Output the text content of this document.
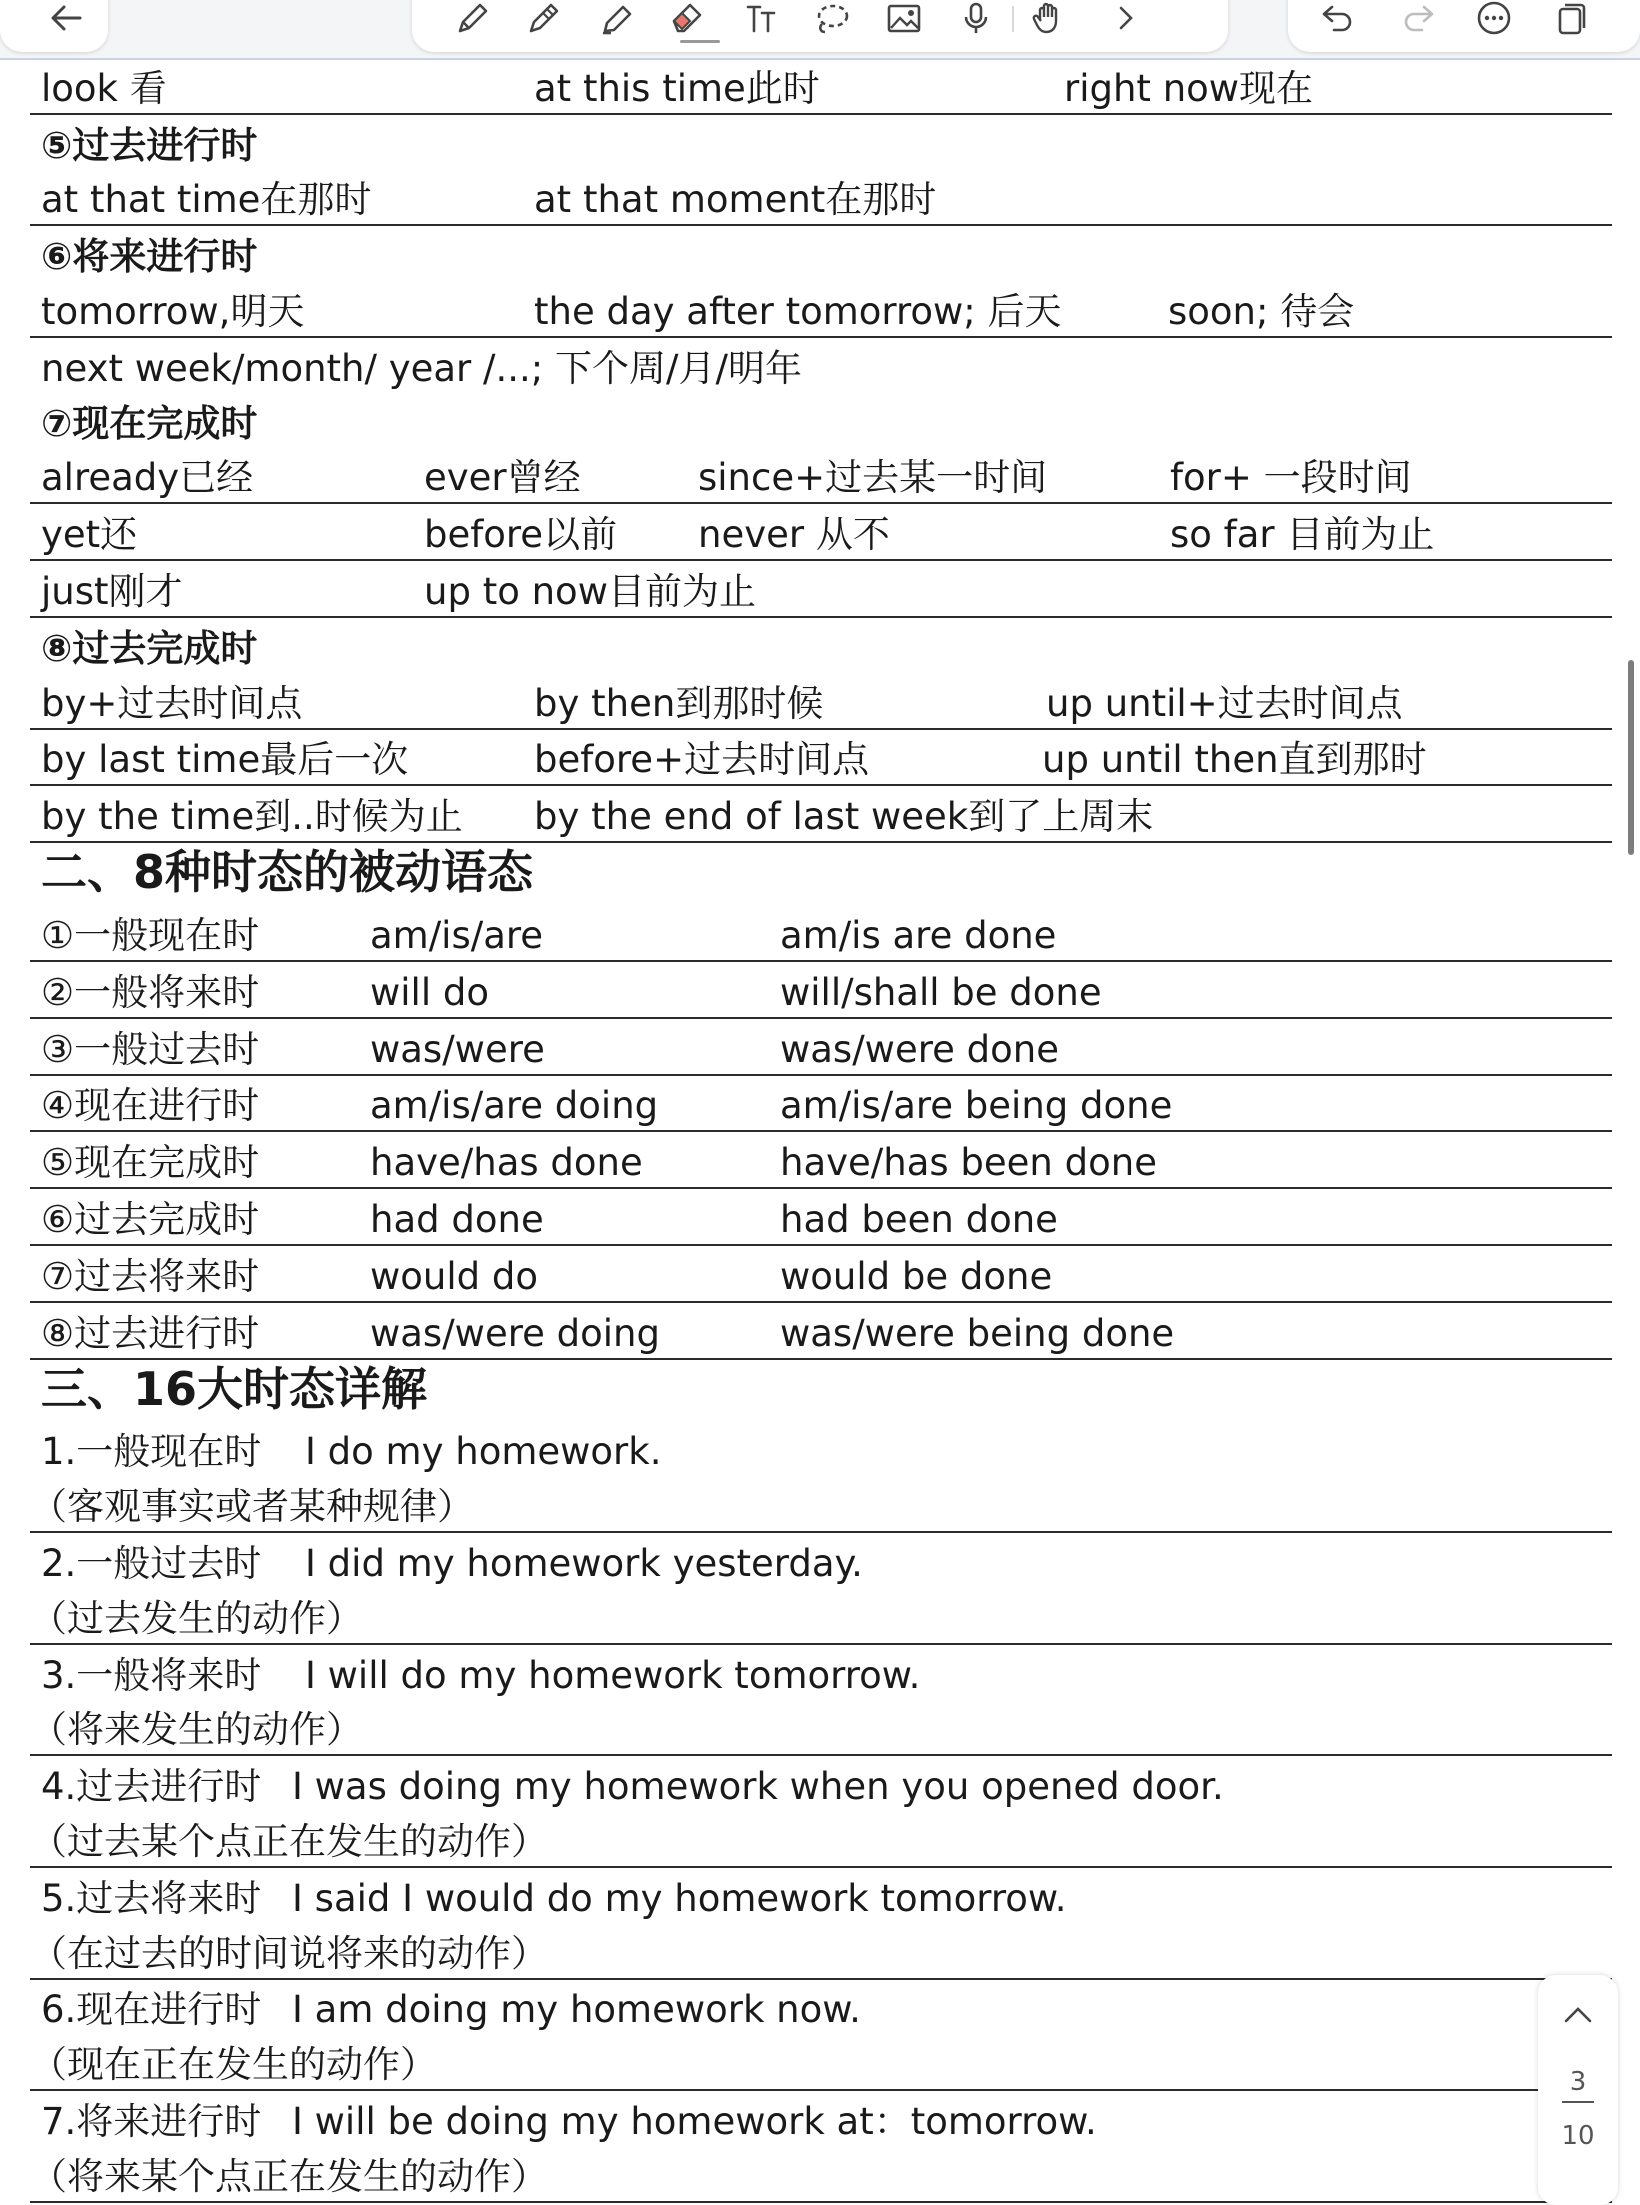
look 看	at this time此时	right now现在
⑤过去进行时
at that time在那时	at that moment在那时
⑥将来进行时
tomorrow,明天	the day after tomorrow; 后天	soon; 待会
next week/month/ year /...; 下个周/月/明年
⑦现在完成时
already已经	ever曾经	since+过去某一时间	for+ 一段时间
yet还	before以前 never 从不	so far 目前为止
just刚才	up to now目前为止
⑧过去完成时
by+过去时间点	by then到那时候	up until+过去时间点
by last time最后一次	before+过去时间点	up until then直到那时
by the time到..时候为止 by the end of last week到了上周末
二、8种时态的被动语态
①一般现在时	am/is/are	am/is are done
②一般将来时	will do	will/shall be done
③一般过去时	was/were	was/were done
④现在进行时	am/is/are doing	am/is/are being done
⑤现在完成时	have/has done	have/has been done
⑥过去完成时	had done	had been done
⑦过去将来时	would do	would be done
⑧过去进行时	was/were doing	was/were being done
三、16大时态详解
1.一般现在时 I do my homework.
（客观事实或者某种规律）
2.一般过去时 I did my homework yesterday.
（过去发生的动作）
3.一般将来时 I will do my homework tomorrow.
（将来发生的动作）
4.过去进行时 I was doing my homework when you opened door.
（过去某个点正在发生的动作）
5.过去将来时 I said I would do my homework tomorrow.
（在过去的时间说将来的动作）
6.现在进行时 I am doing my homework now.
（现在正在发生的动作）
7.将来进行时 I will be doing my homework at：tomorrow.
（将来某个点正在发生的动作）
3
10
